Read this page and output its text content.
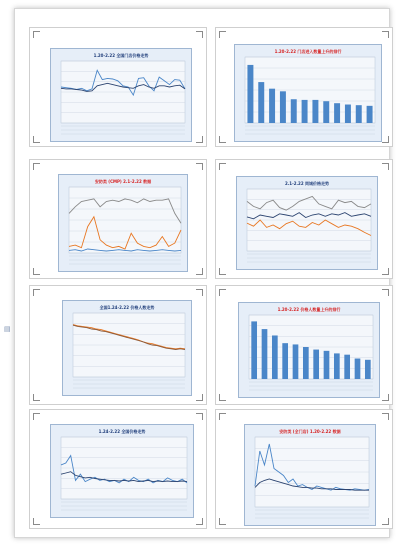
1.20-2.22 全国门店价格走势
1.20-2.22 门店进入数量上升的排行
安防类 (CMP) 2.1-2.22 数据	2.1-2.22 同城价格走势
全国1.24-2.22 价格人数走势	1.20-2.22 价格人数量上升的排行
1.24-2.22 全国价格走势	安防类 (全门店) 1.20-2.22 数据
▤
